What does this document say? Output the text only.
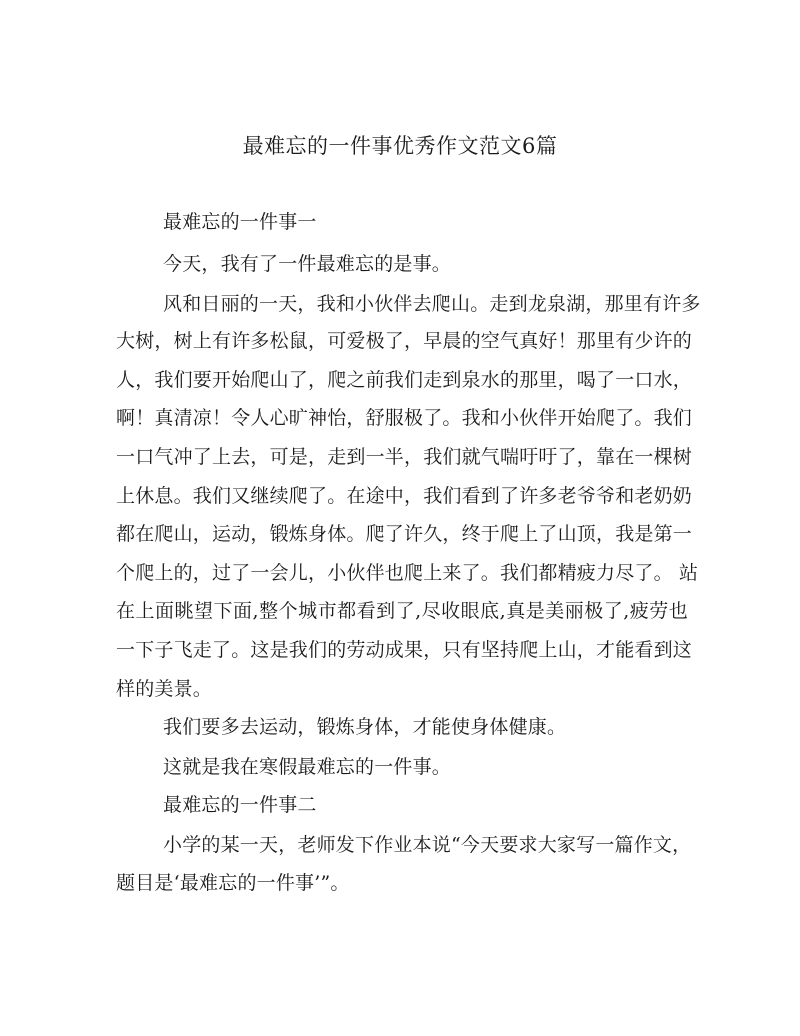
最难忘的一件事优秀作文范文6篇
最难忘的一件事一
今天，我有了一件最难忘的是事。
风和日丽的一天，我和小伙伴去爬山。走到龙泉湖，那里有许多
大树，树上有许多松鼠，可爱极了，早晨的空气真好！那里有少许的
人，我们要开始爬山了，爬之前我们走到泉水的那里，喝了一口水，
啊！真清凉！令人心旷神怡，舒服极了。我和小伙伴开始爬了。我们
一口气冲了上去，可是，走到一半，我们就气喘吁吁了，靠在一棵树
上休息。我们又继续爬了。在途中，我们看到了许多老爷爷和老奶奶
都在爬山，运动，锻炼身体。爬了许久，终于爬上了山顶，我是第一
个爬上的，过了一会儿，小伙伴也爬上来了。我们都精疲力尽了。 站
在上面眺望下面,整个城市都看到了,尽收眼底,真是美丽极了,疲劳也
一下子飞走了。这是我们的劳动成果，只有坚持爬上山，才能看到这
样的美景。
我们要多去运动，锻炼身体，才能使身体健康。
这就是我在寒假最难忘的一件事。
最难忘的一件事二
小学的某一天，老师发下作业本说“今天要求大家写一篇作文，
题目是‘最难忘的一件事’”。
